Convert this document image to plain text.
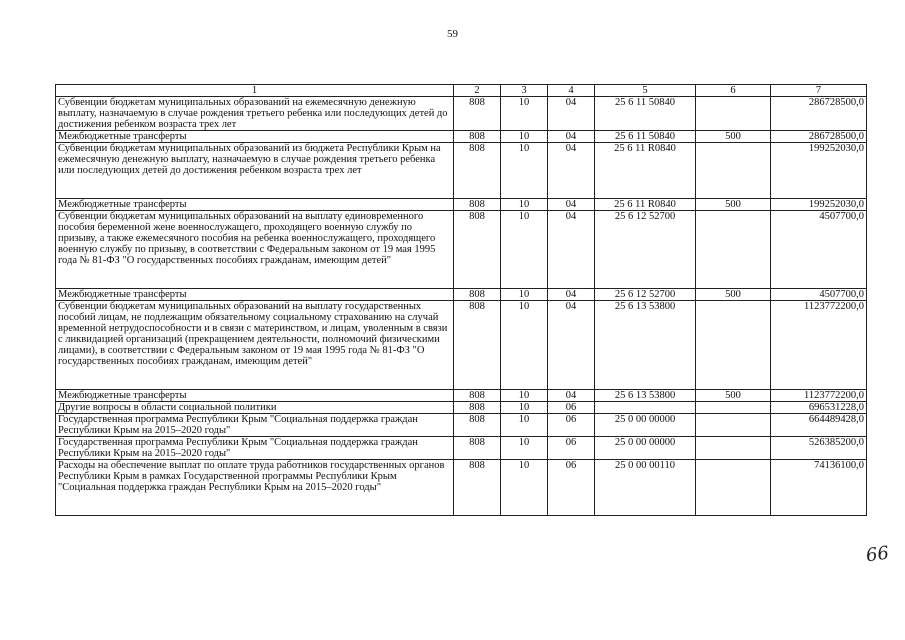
59
1	2	3	4	5	6	7
Субвенции бюджетам муниципальных образований на ежемесячную денежную выплату, назначаемую в случае рождения третьего ребенка или последующих детей до достижения ребенком возраста трех лет	808	10	04	25 6 11 50840		286728500,0
Межбюджетные трансферты	808	10	04	25 6 11 50840	500	286728500,0
Субвенции бюджетам муниципальных образований из бюджета Республики Крым на ежемесячную денежную выплату, назначаемую в случае рождения третьего ребенка или последующих детей до достижения ребенком возраста трех лет	808	10	04	25 6 11 R0840		199252030,0
Межбюджетные трансферты	808	10	04	25 6 11 R0840	500	199252030,0
Субвенции бюджетам муниципальных образований на выплату единовременного пособия беременной жене военнослужащего, проходящего военную службу по призыву, а также ежемесячного пособия на ребенка военнослужащего, проходящего военную службу по призыву, в соответствии с Федеральным законом от 19 мая 1995 года № 81-ФЗ "О государственных пособиях гражданам, имеющим детей"	808	10	04	25 6 12 52700		4507700,0
Межбюджетные трансферты	808	10	04	25 6 12 52700	500	4507700,0
Субвенции бюджетам муниципальных образований на выплату государственных пособий лицам, не подлежащим обязательному социальному страхованию на случай временной нетрудоспособности и в связи с материнством, и лицам, уволенным в связи с ликвидацией организаций (прекращением деятельности, полномочий физическими лицами), в соответствии с Федеральным законом от 19 мая 1995 года № 81-ФЗ "О государственных пособиях гражданам, имеющим детей"	808	10	04	25 6 13 53800		1123772200,0
Межбюджетные трансферты	808	10	04	25 6 13 53800	500	1123772200,0
Другие вопросы в области социальной политики	808	10	06			696531228,0
Государственная программа Республики Крым "Социальная поддержка граждан Республики Крым на 2015–2020 годы"	808	10	06	25 0 00 00000		664489428,0
Государственная программа Республики Крым "Социальная поддержка граждан Республики Крым на 2015–2020 годы"	808	10	06	25 0 00 00000		526385200,0
Расходы на обеспечение выплат по оплате труда работников государственных органов Республики Крым в рамках Государственной программы Республики Крым "Социальная поддержка граждан Республики Крым на 2015–2020 годы"	808	10	06	25 0 00 00110		74136100,0
66
